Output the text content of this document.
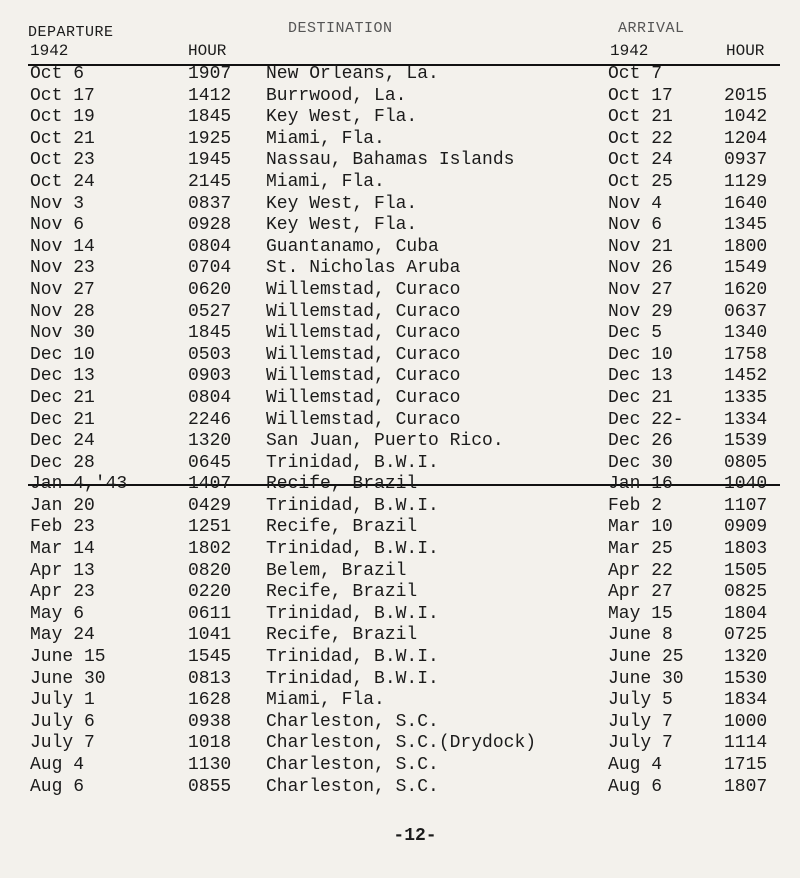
DEPARTURE	DESTINATION	ARRIVAL
1942	HOUR	1942	HOUR
Oct 6	1907 New Orleans, La.	Oct 7
Oct 17	1412 Burrwood, La.	Oct 17	2015
Oct 19	1845 Key West, Fla.	Oct 21	1042
Oct 21	1925 Miami, Fla.	Oct 22	1204
Oct 23	1945 Nassau, Bahamas Islands	Oct 24	0937
Oct 24	2145 Miami, Fla.	Oct 25	1129
Nov 3	0837 Key West, Fla.	Nov 4	1640
Nov 6	0928 Key West, Fla.	Nov 6	1345
Nov 14	0804 Guantanamo, Cuba	Nov 21	1800
Nov 23	0704 St. Nicholas Aruba	Nov 26	1549
Nov 27	0620 Willemstad, Curaco	Nov 27	1620
Nov 28	0527 Willemstad, Curaco	Nov 29	0637
Nov 30	1845 Willemstad, Curaco	Dec 5	1340
Dec 10	0503 Willemstad, Curaco	Dec 10	1758
Dec 13	0903 Willemstad, Curaco	Dec 13	1452
Dec 21	0804 Willemstad, Curaco	Dec 21	1335
Dec 21	2246 Willemstad, Curaco	Dec 22- 1334
Dec 24	1320 San Juan, Puerto Rico.	Dec 26	1539
Dec 28	0645 Trinidad, B.W.I.	Dec 30	0805
Jan 4,'43	1407 Recife, Brazil	Jan 16	1040
Jan 20	0429 Trinidad, B.W.I.	Feb 2	1107
Feb 23	1251 Recife, Brazil	Mar 10	0909
Mar 14	1802 Trinidad, B.W.I.	Mar 25	1803
Apr 13	0820 Belem, Brazil	Apr 22	1505
Apr 23	0220 Recife, Brazil	Apr 27	0825
May 6	0611 Trinidad, B.W.I.	May 15	1804
May 24	1041 Recife, Brazil	June 8	0725
June 15	1545 Trinidad, B.W.I.	June 25 1320
June 30	0813 Trinidad, B.W.I.	June 30 1530
July 1	1628 Miami, Fla.	July 5	1834
July 6	0938 Charleston, S.C.	July 7	1000
July 7	1018 Charleston, S.C.(Drydock)	July 7	1114
Aug 4	1130 Charleston, S.C.	Aug 4	1715
Aug 6	0855 Charleston, S.C.	Aug 6	1807
-12-
